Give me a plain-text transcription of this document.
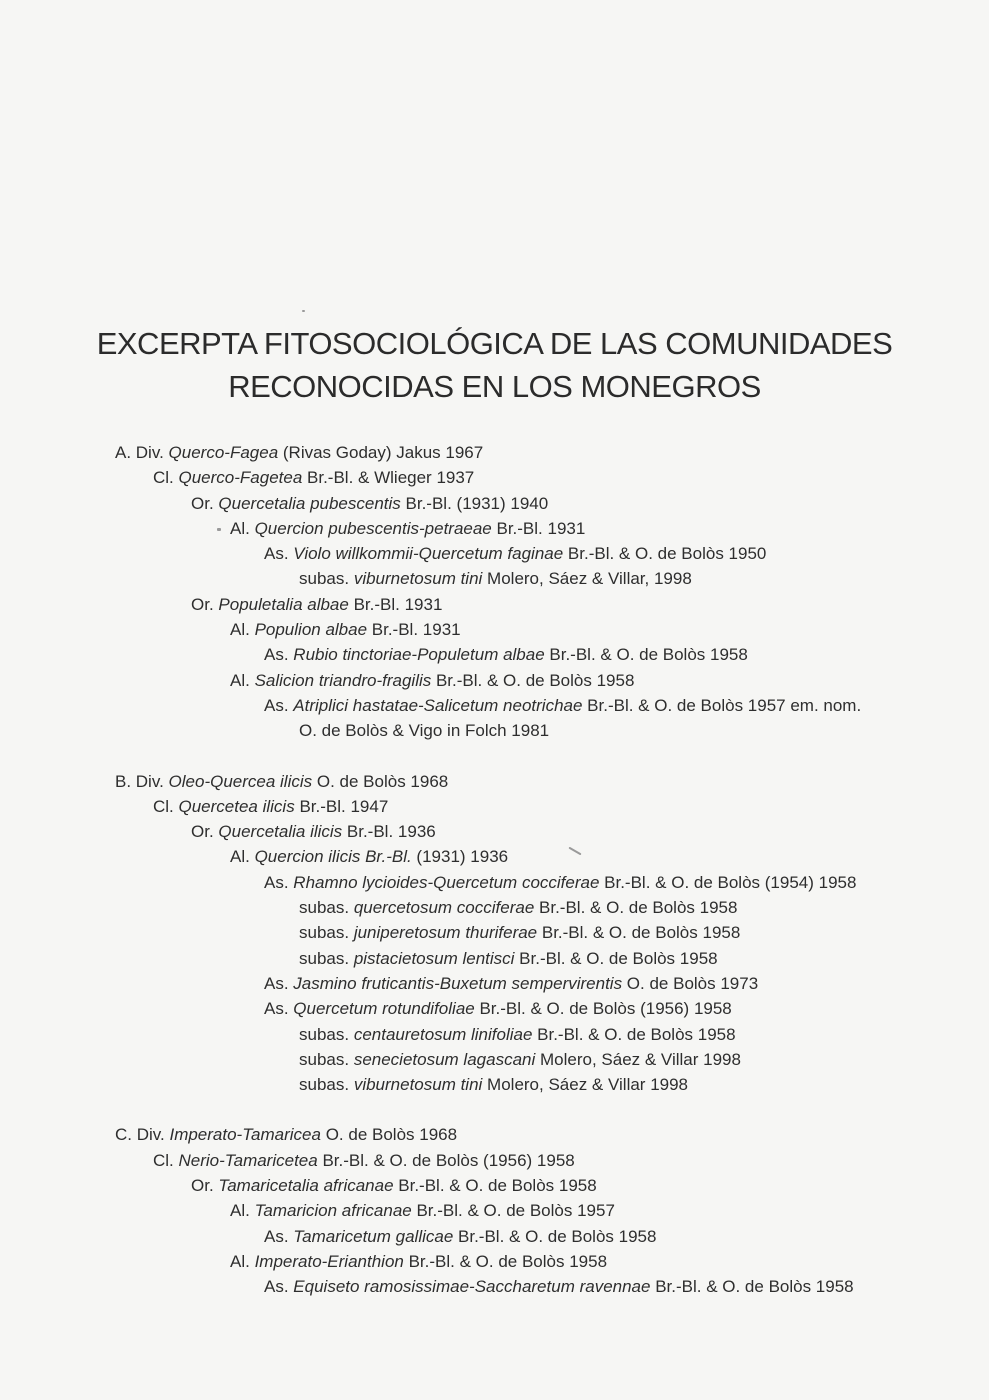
EXCERPTA FITOSOCIOLÓGICA DE LAS COMUNIDADES
RECONOCIDAS EN LOS MONEGROS
A. Div. Querco-Fagea (Rivas Goday) Jakus 1967
Cl. Querco-Fagetea Br.-Bl. & Wlieger 1937
Or. Quercetalia pubescentis Br.-Bl. (1931) 1940
Al. Quercion pubescentis-petraeae Br.-Bl. 1931
As. Violo willkommii-Quercetum faginae Br.-Bl. & O. de Bolòs 1950
subas. viburnetosum tini Molero, Sáez & Villar, 1998
Or. Populetalia albae Br.-Bl. 1931
Al. Populion albae Br.-Bl. 1931
As. Rubio tinctoriae-Populetum albae Br.-Bl. & O. de Bolòs 1958
Al. Salicion triandro-fragilis Br.-Bl. & O. de Bolòs 1958
As. Atriplici hastatae-Salicetum neotrichae Br.-Bl. & O. de Bolòs 1957 em. nom.
O. de Bolòs & Vigo in Folch 1981
B. Div. Oleo-Quercea ilicis O. de Bolòs 1968
Cl. Quercetea ilicis Br.-Bl. 1947
Or. Quercetalia ilicis Br.-Bl. 1936
Al. Quercion ilicis Br.-Bl. (1931) 1936
As. Rhamno lycioides-Quercetum cocciferae Br.-Bl. & O. de Bolòs (1954) 1958
subas. quercetosum cocciferae Br.-Bl. & O. de Bolòs 1958
subas. juniperetosum thuriferae Br.-Bl. & O. de Bolòs 1958
subas. pistacietosum lentisci Br.-Bl. & O. de Bolòs 1958
As. Jasmino fruticantis-Buxetum sempervirentis O. de Bolòs 1973
As. Quercetum rotundifoliae Br.-Bl. & O. de Bolòs (1956) 1958
subas. centauretosum linifoliae Br.-Bl. & O. de Bolòs 1958
subas. senecietosum lagascani Molero, Sáez & Villar 1998
subas. viburnetosum tini Molero, Sáez & Villar 1998
C. Div. Imperato-Tamaricea O. de Bolòs 1968
Cl. Nerio-Tamaricetea Br.-Bl. & O. de Bolòs (1956) 1958
Or. Tamaricetalia africanae Br.-Bl. & O. de Bolòs 1958
Al. Tamaricion africanae Br.-Bl. & O. de Bolòs 1957
As. Tamaricetum gallicae Br.-Bl. & O. de Bolòs 1958
Al. Imperato-Erianthion Br.-Bl. & O. de Bolòs 1958
As. Equiseto ramosissimae-Saccharetum ravennae Br.-Bl. & O. de Bolòs 1958
